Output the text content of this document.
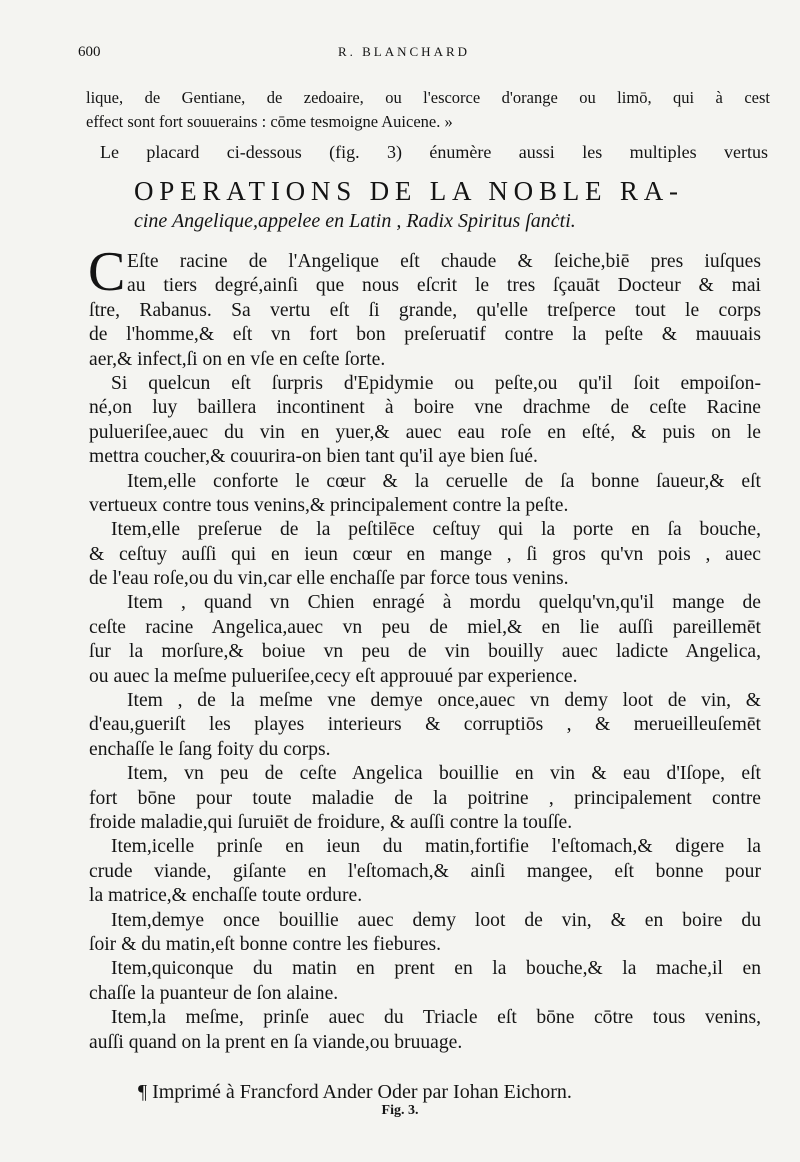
600	R. BLANCHARD

lique, de Gentiane, de zedoaire, ou l'escorce d'orange ou limō, qui à cest

effect sont fort souuerains : cōme tesmoigne Auicene. »

Le placard ci-dessous (fig. 3) énumère aussi les multiples vertus

OPERATIONS DE LA NOBLE RA-
cine Angelique,appelee en Latin , Radix Spiritus ſanċti.
C Eſte racine de l'Angelique eſt chaude & ſeiche,biē pres iuſques
au tiers degré,ainſi que nous eſcrit le tres ſçauāt Docteur & mai
ſtre, Rabanus. Sa vertu eſt ſi grande, qu'elle treſperce tout le corps
de l'homme,& eſt vn fort bon preſeruatif contre la peſte & mauuais
aer,& infect,ſi on en vſe en ceſte ſorte.
Si quelcun eſt ſurpris d'Epidymie ou peſte,ou qu'il ſoit empoiſon-
né,on luy baillera incontinent à boire vne drachme de ceſte Racine
pulueriſee,auec du vin en yuer,& auec eau roſe en eſté, & puis on le
mettra coucher,& couurira-on bien tant qu'il aye bien ſué.
Item,elle conforte le cœur & la ceruelle de ſa bonne ſaueur,& eſt
vertueux contre tous venins,& principalement contre la peſte.
Item,elle preſerue de la peſtilēce ceſtuy qui la porte en ſa bouche,
& ceſtuy auſſi qui en ieun cœur en mange , ſi gros qu'vn pois , auec
de l'eau roſe,ou du vin,car elle enchaſſe par force tous venins.
Item , quand vn Chien enragé à mordu quelqu'vn,qu'il mange de
ceſte racine Angelica,auec vn peu de miel,& en lie auſſi pareillemēt
ſur la morſure,& boiue vn peu de vin bouilly auec ladicte Angelica,
ou auec la meſme pulueriſee,cecy eſt approuué par experience.
Item , de la meſme vne demye once,auec vn demy loot de vin, &
d'eau,gueriſt les playes interieurs & corruptiōs , & merueilleuſemēt
enchaſſe le ſang foity du corps.
Item, vn peu de ceſte Angelica bouillie en vin & eau d'Iſope, eſt
fort bōne pour toute maladie de la poitrine , principalement contre
froide maladie,qui ſuruiēt de froidure, & auſſi contre la touſſe.
Item,icelle prinſe en ieun du matin,fortifie l'eſtomach,& digere la
crude viande, giſante en l'eſtomach,& ainſi mangee, eſt bonne pour
la matrice,& enchaſſe toute ordure.
Item,demye once bouillie auec demy loot de vin, & en boire du
ſoir & du matin,eſt bonne contre les fiebures.
Item,quiconque du matin en prent en la bouche,& la mache,il en
chaſſe la puanteur de ſon alaine.
Item,la meſme, prinſe auec du Triacle eſt bōne cōtre tous venins,
auſſi quand on la prent en ſa viande,ou bruuage.
¶ Imprimé à Francford Ander Oder par Iohan Eichorn.
Fig. 3.
